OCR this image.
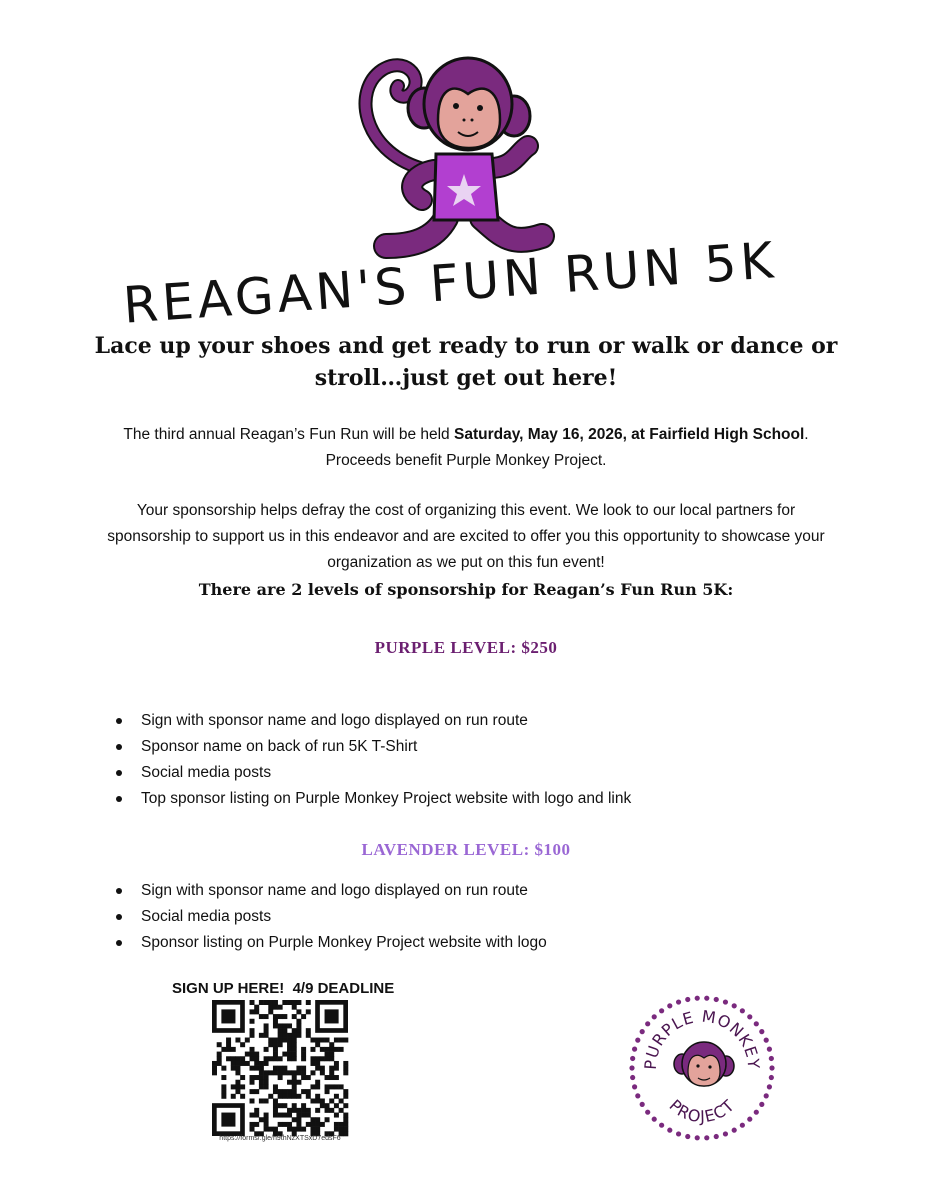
REAGAN'S FUN RUN 5K
Lace up your shoes and get ready to run or walk or dance or
stroll…just get out here!
The third annual Reagan’s Fun Run will be held Saturday, May 16, 2026, at Fairfield High School.
Proceeds benefit Purple Monkey Project.
Your sponsorship helps defray the cost of organizing this event. We look to our local partners for
sponsorship to support us in this endeavor and are excited to offer you this opportunity to showcase your
organization as we put on this fun event!
There are 2 levels of sponsorship for Reagan’s Fun Run 5K:
PURPLE LEVEL: $250
Sign with sponsor name and logo displayed on run route
Sponsor name on back of run 5K T-Shirt
Social media posts
Top sponsor listing on Purple Monkey Project website with logo and link
LAVENDER LEVEL: $100
Sign with sponsor name and logo displayed on run route
Social media posts
Sponsor listing on Purple Monkey Project website with logo
SIGN UP HERE!  4/9 DEADLINE
https://forms/.gle/h9thNzXTSxD7edsF6
PURPLE MONKEY
PROJECT
